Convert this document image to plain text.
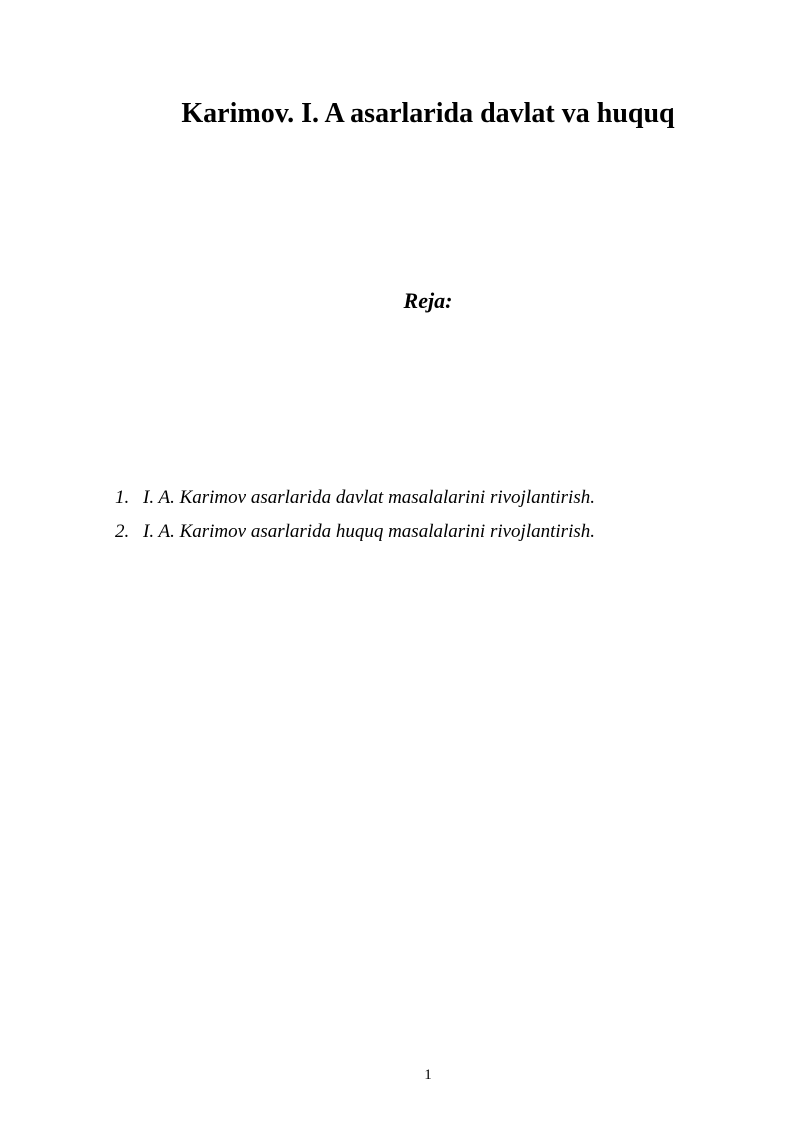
Karimov. I. A asarlarida davlat va huquq
Reja:
1. I. A. Karimov asarlarida davlat masalalarini rivojlantirish.
2. I. A. Karimov asarlarida huquq masalalarini rivojlantirish.
1
